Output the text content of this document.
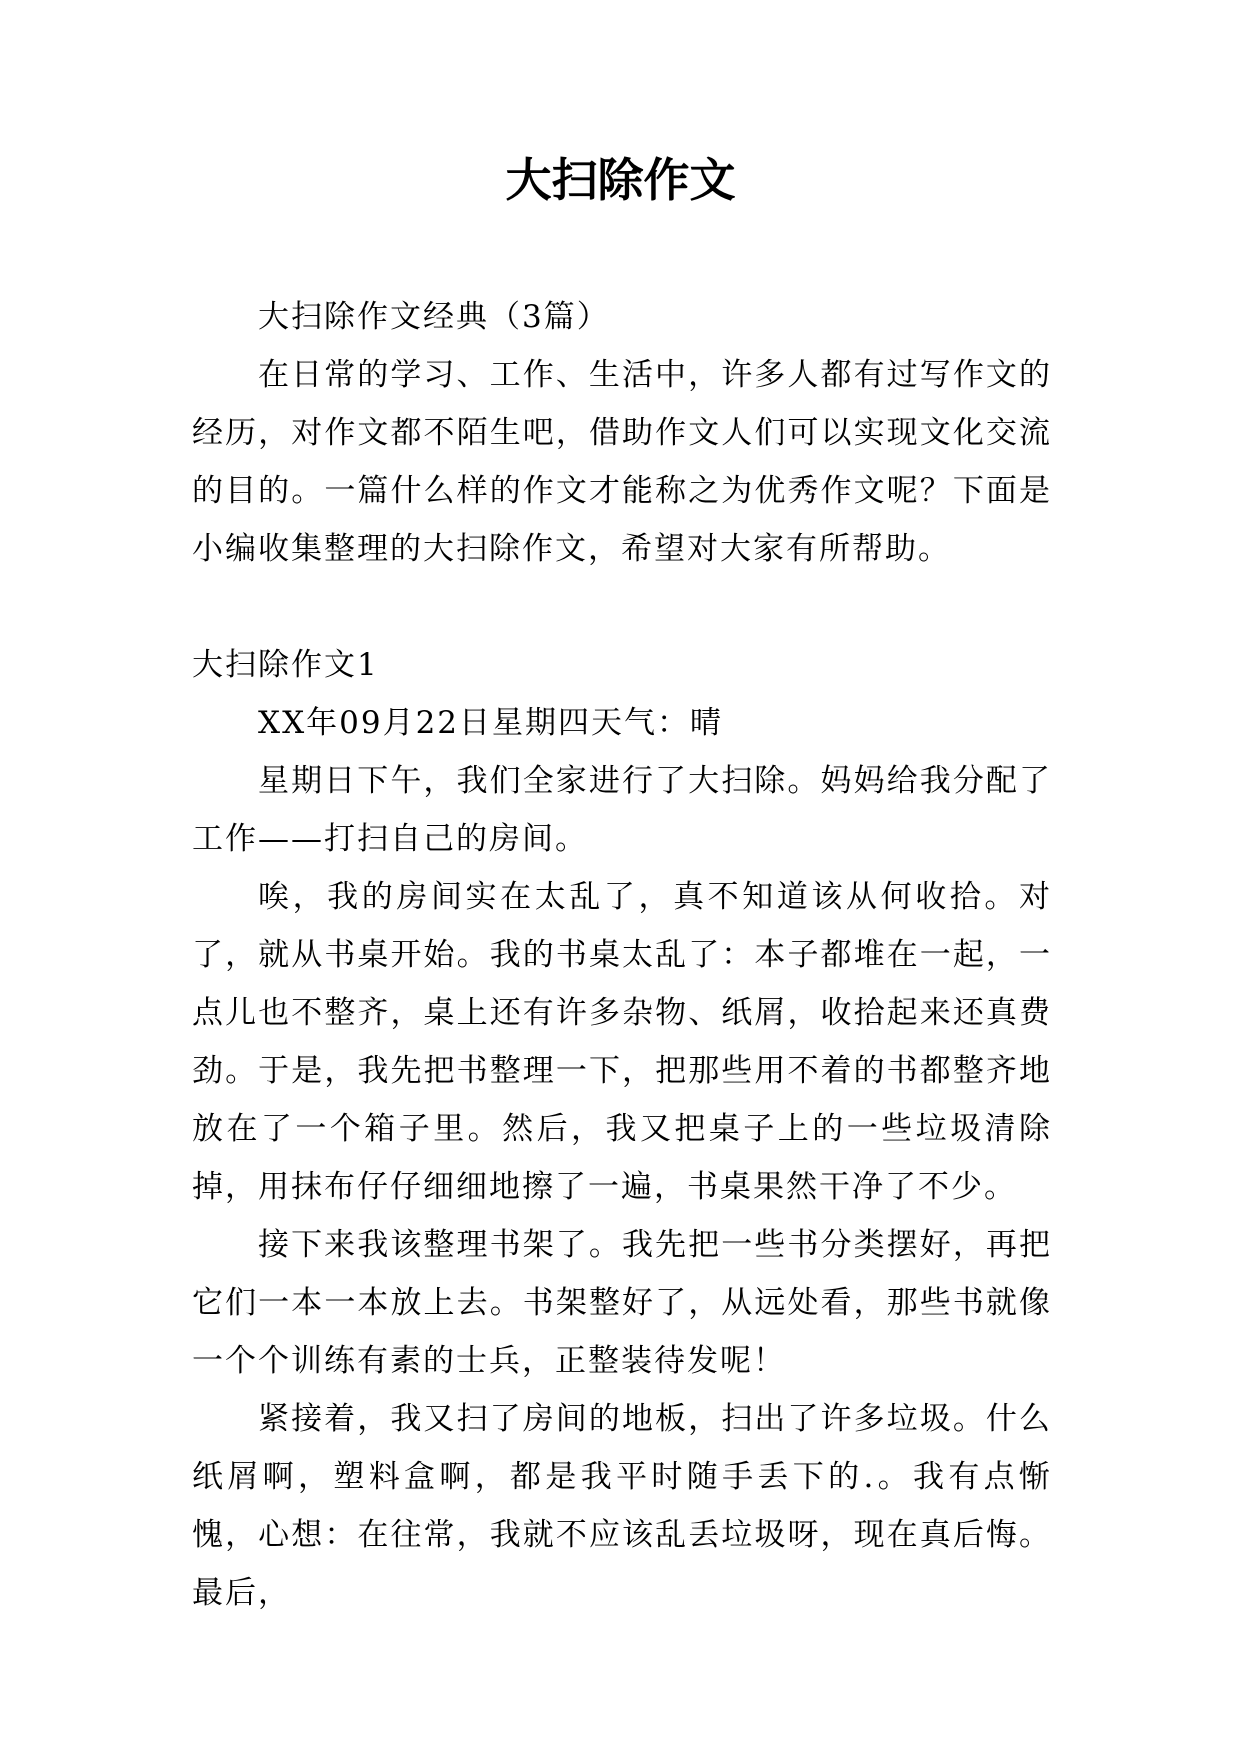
大扫除作文

大扫除作文经典（3篇）

在日常的学习、工作、生活中，许多人都有过写作文的经历，对作文都不陌生吧，借助作文人们可以实现文化交流的目的。一篇什么样的作文才能称之为优秀作文呢？下面是小编收集整理的大扫除作文，希望对大家有所帮助。

大扫除作文1

XX年09月22日星期四天气：晴

星期日下午，我们全家进行了大扫除。妈妈给我分配了工作——打扫自己的房间。

唉，我的房间实在太乱了，真不知道该从何收拾。对了，就从书桌开始。我的书桌太乱了：本子都堆在一起，一点儿也不整齐，桌上还有许多杂物、纸屑，收拾起来还真费劲。于是，我先把书整理一下，把那些用不着的书都整齐地放在了一个箱子里。然后，我又把桌子上的一些垃圾清除掉，用抹布仔仔细细地擦了一遍，书桌果然干净了不少。

接下来我该整理书架了。我先把一些书分类摆好，再把它们一本一本放上去。书架整好了，从远处看，那些书就像一个个训练有素的士兵，正整装待发呢！

紧接着，我又扫了房间的地板，扫出了许多垃圾。什么纸屑啊，塑料盒啊，都是我平时随手丢下的.。我有点惭愧，心想：在往常，我就不应该乱丢垃圾呀，现在真后悔。最后，
